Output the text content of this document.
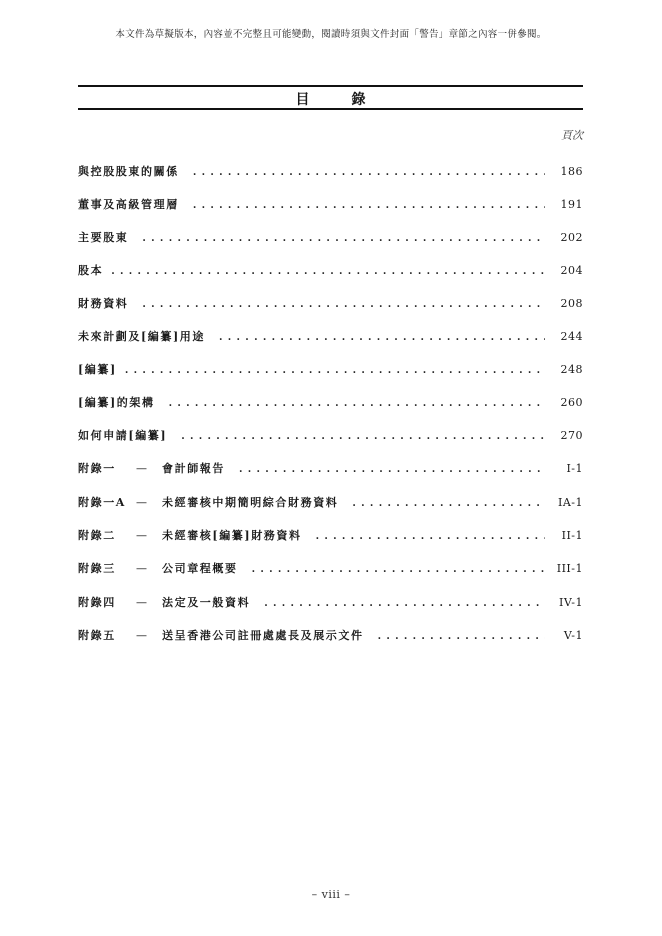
本文件為草擬版本，內容並不完整且可能變動，閱讀時須與文件封面「警告」章節之內容一併參閱。
目　錄
頁次
與控股股東的關係 . . .	186
董事及高級管理層 . . .	191
主要股東 . . .	202
股本 . . .	204
財務資料 . . .	208
未來計劃及[編纂]用途 . . .	244
[編纂] . . .	248
[編纂]的架構 . . .	260
如何申請[編纂] . . .	270
附錄一	—	會計師報告 . . .	I-1
附錄一A —	未經審核中期簡明綜合財務資料 . . .	IA-1
附錄二	—	未經審核[編纂]財務資料 . . .	II-1
附錄三	—	公司章程概要 . . .	III-1
附錄四	—	法定及一般資料 . . .	IV-1
附錄五	—	送呈香港公司註冊處處長及展示文件 . . .	V-1
– viii –
